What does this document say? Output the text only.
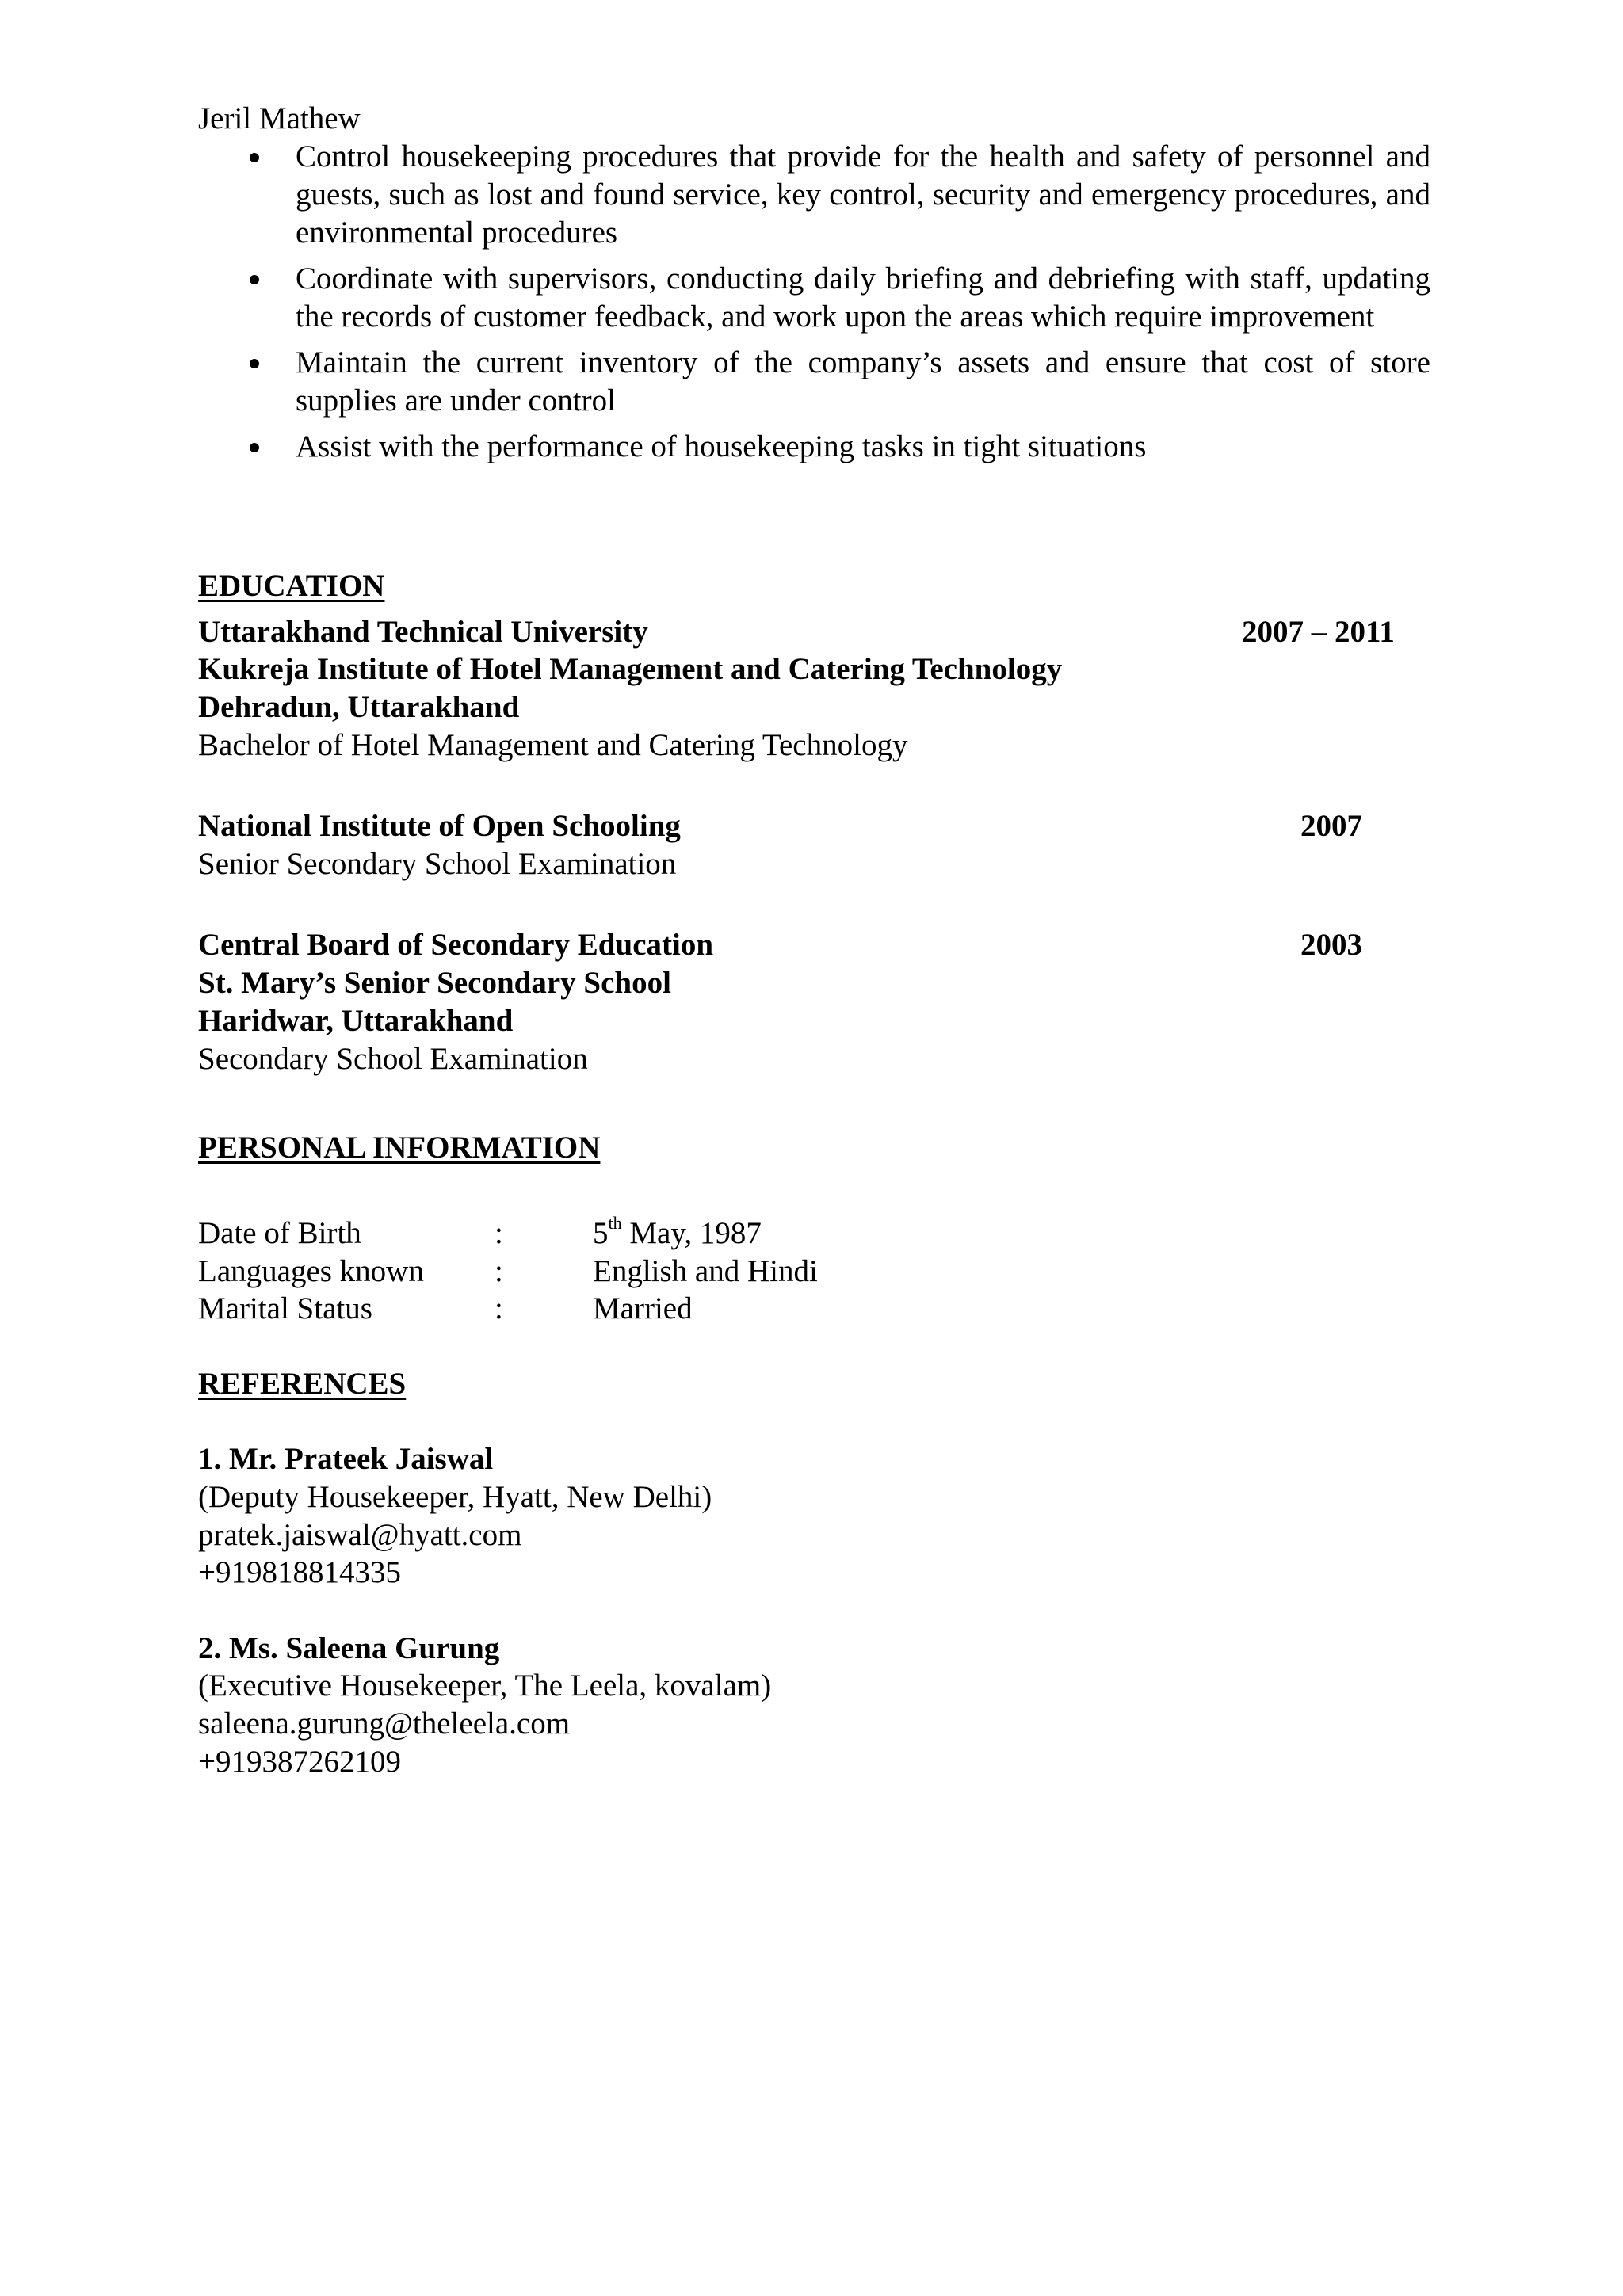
Jeril Mathew

Control housekeeping procedures that provide for the health and safety of personnel and guests, such as lost and found service, key control, security and emergency procedures, and environmental procedures
Coordinate with supervisors, conducting daily briefing and debriefing with staff, updating the records of customer feedback, and work upon the areas which require improvement
Maintain the current inventory of the company’s assets and ensure that cost of store supplies are under control
Assist with the performance of housekeeping tasks in tight situations

EDUCATION

Uttarakhand Technical University	2007 – 2011

Kukreja Institute of Hotel Management and Catering Technology

Dehradun, Uttarakhand

Bachelor of Hotel Management and Catering Technology

National Institute of Open Schooling	2007

Senior Secondary School Examination

Central Board of Secondary Education	2003

St. Mary’s Senior Secondary School

Haridwar, Uttarakhand

Secondary School Examination

PERSONAL INFORMATION

Date of Birth	:	5th May, 1987

Languages known :	English and Hindi

Marital Status	:	Married

REFERENCES

1. Mr. Prateek Jaiswal

(Deputy Housekeeper, Hyatt, New Delhi)

pratek.jaiswal@hyatt.com

+919818814335

2. Ms. Saleena Gurung

(Executive Housekeeper, The Leela, kovalam)

saleena.gurung@theleela.com

+919387262109
